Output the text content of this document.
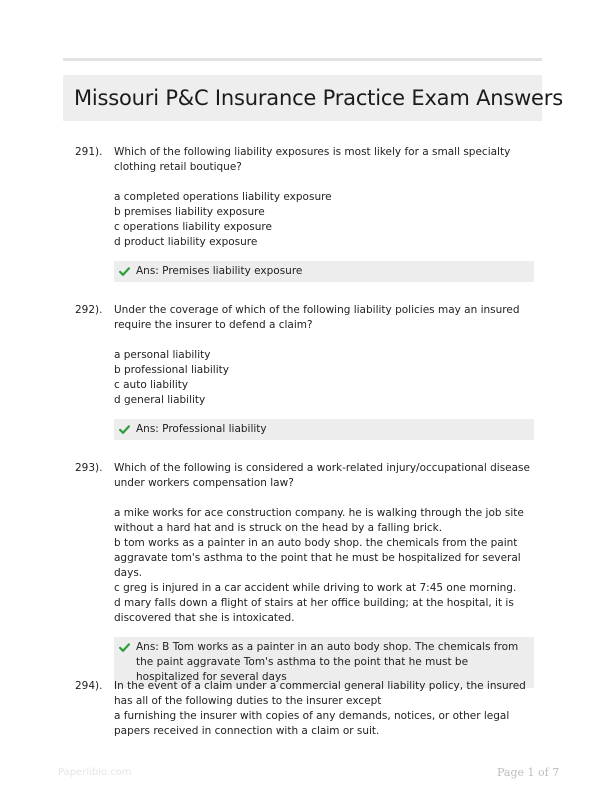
Missouri P&C Insurance Practice Exam Answers
291). Which of the following liability exposures is most likely for a small specialty clothing retail boutique?

a completed operations liability exposure

b premises liability exposure

c operations liability exposure

d product liability exposure

Ans: Premises liability exposure
292). Under the coverage of which of the following liability policies may an insured require the insurer to defend a claim?

a personal liability

b professional liability

c auto liability

d general liability

Ans: Professional liability
293). Which of the following is considered a work-related injury/occupational disease under workers compensation law?

a mike works for ace construction company. he is walking through the job site without a hard hat and is struck on the head by a falling brick.

b tom works as a painter in an auto body shop. the chemicals from the paint aggravate tom's asthma to the point that he must be hospitalized for several days.

c greg is injured in a car accident while driving to work at 7:45 one morning.

d mary falls down a flight of stairs at her office building; at the hospital, it is discovered that she is intoxicated.

Ans: B Tom works as a painter in an auto body shop. The chemicals from the paint aggravate Tom's asthma to the point that he must be hospitalized for several days
294). In the event of a claim under a commercial general liability policy, the insured has all of the following duties to the insurer except

a furnishing the insurer with copies of any demands, notices, or other legal papers received in connection with a claim or suit.

Paperlibio.com	Page 1 of 7
